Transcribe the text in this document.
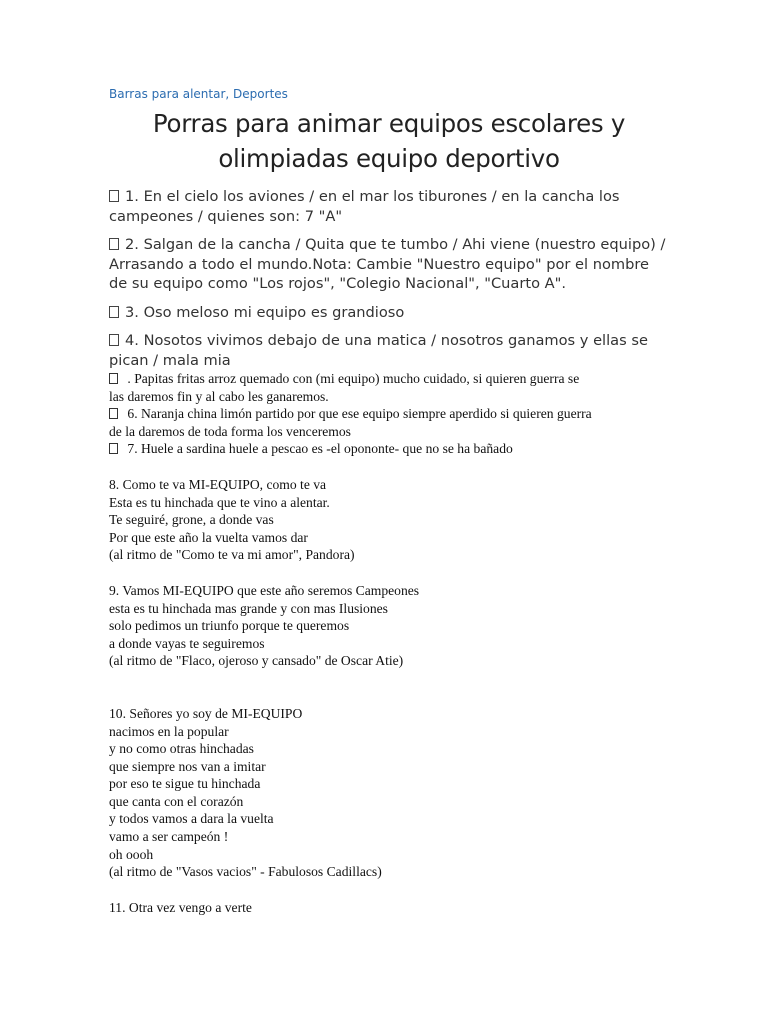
Barras para alentar, Deportes
Porras para animar equipos escolares y
olimpiadas equipo deportivo
1. En el cielo los aviones / en el mar los tiburones / en la cancha los campeones / quienes son: 7 "A"
2. Salgan de la cancha / Quita que te tumbo / Ahi viene (nuestro equipo) / Arrasando a todo el mundo.Nota: Cambie "Nuestro equipo" por el nombre de su equipo como "Los rojos", "Colegio Nacional", "Cuarto A".
3. Oso meloso mi equipo es grandioso
4. Nosotos vivimos debajo de una matica / nosotros ganamos y ellas se pican / mala mia
. Papitas fritas arroz quemado con (mi equipo) mucho cuidado, si quieren guerra se
las daremos fin y al cabo les ganaremos.
6. Naranja china limón partido por que ese equipo siempre aperdido si quieren guerra
de la daremos de toda forma los venceremos
7. Huele a sardina huele a pescao es -el opononte- que no se ha bañado
8. Como te va MI-EQUIPO, como te va
Esta es tu hinchada que te vino a alentar.
Te seguiré, grone, a donde vas
Por que este año la vuelta vamos dar
(al ritmo de "Como te va mi amor", Pandora)
9. Vamos MI-EQUIPO que este año seremos Campeones
esta es tu hinchada mas grande y con mas Ilusiones
solo pedimos un triunfo porque te queremos
a donde vayas te seguiremos
(al ritmo de "Flaco, ojeroso y cansado" de Oscar Atie)
10. Señores yo soy de MI-EQUIPO
nacimos en la popular
y no como otras hinchadas
que siempre nos van a imitar
por eso te sigue tu hinchada
que canta con el corazón
y todos vamos a dara la vuelta
vamo a ser campeón !
oh oooh
(al ritmo de "Vasos vacios" - Fabulosos Cadillacs)
11. Otra vez vengo a verte
